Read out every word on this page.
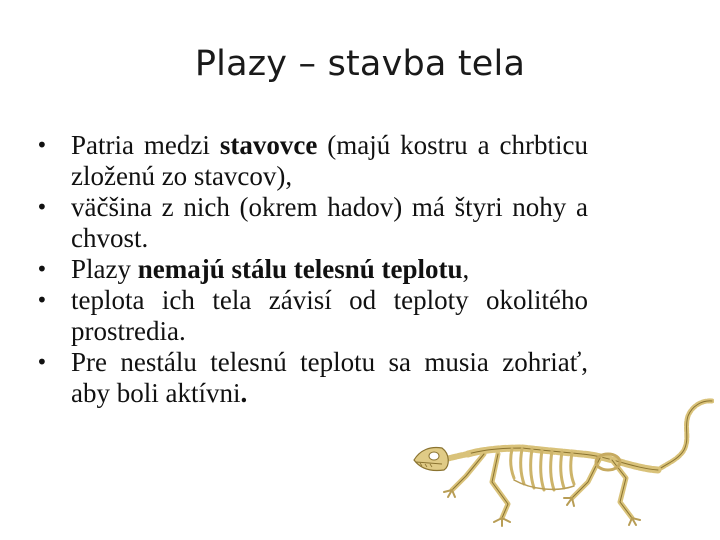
Plazy – stavba tela
• Patria medzi stavovce (majú kostru a chrbticu zloženú zo stavcov),
• väčšina z nich (okrem hadov) má štyri nohy a chvost.
• Plazy nemajú stálu telesnú teplotu,
• teplota ich tela závisí od teploty okolitého prostredia.
• Pre nestálu telesnú teplotu sa musia zohriať, aby boli aktívni.
